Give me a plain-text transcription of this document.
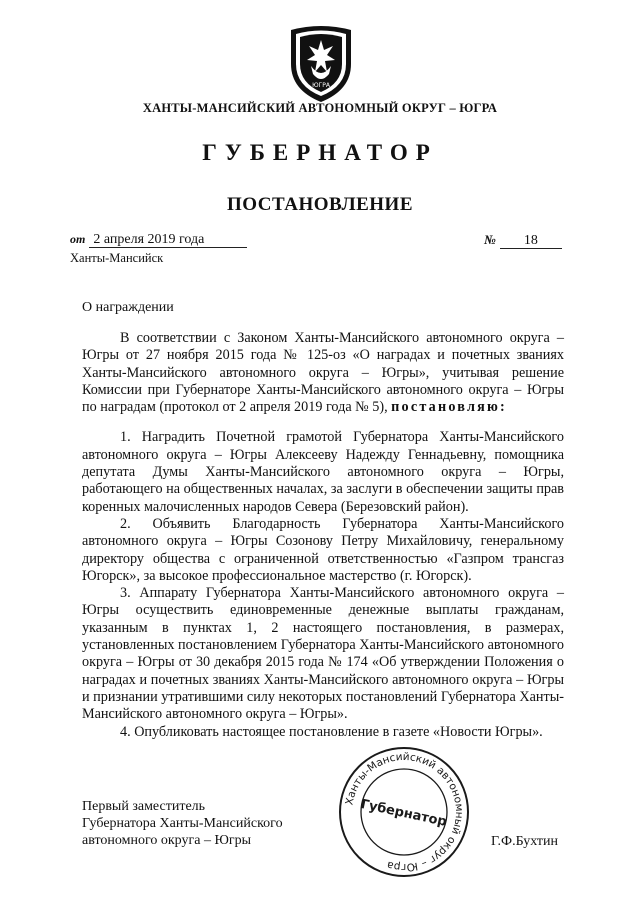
ЮГРА
ХАНТЫ-МАНСИЙСКИЙ АВТОНОМНЫЙ ОКРУГ – ЮГРА
ГУБЕРНАТОР
ПОСТАНОВЛЕНИЕ
от 2 апреля 2019 года	№ 18
Ханты-Мансийск
О награждении

В соответствии с Законом Ханты-Мансийского автономного округа – Югры от 27 ноября 2015 года № 125-оз «О наградах и почетных званиях Ханты-Мансийского автономного округа – Югры», учитывая решение Комиссии при Губернаторе Ханты-Мансийского автономного округа – Югры по наградам (протокол от 2 апреля 2019 года № 5), постановляю:

1. Наградить Почетной грамотой Губернатора Ханты-Мансийского автономного округа – Югры Алексееву Надежду Геннадьевну, помощника депутата Думы Ханты-Мансийского автономного округа – Югры, работающего на общественных началах, за заслуги в обеспечении защиты прав коренных малочисленных народов Севера (Березовский район).

2. Объявить Благодарность Губернатора Ханты-Мансийского автономного округа – Югры Созонову Петру Михайловичу, генеральному директору общества с ограниченной ответственностью «Газпром трансгаз Югорск», за высокое профессиональное мастерство (г. Югорск).

3. Аппарату Губернатора Ханты-Мансийского автономного округа – Югры осуществить единовременные денежные выплаты гражданам, указанным в пунктах 1, 2 настоящего постановления, в размерах, установленных постановлением Губернатора Ханты-Мансийского автономного округа – Югры от 30 декабря 2015 года № 174 «Об утверждении Положения о наградах и почетных званиях Ханты-Мансийского автономного округа – Югры и признании утратившими силу некоторых постановлений Губернатора Ханты-Мансийского автономного округа – Югры».

4. Опубликовать настоящее постановление в газете «Новости Югры».

Первый заместитель
Губернатора Ханты-Мансийского
автономного округа – Югры
Ханты-Мансийский автономный округ – Югра
Губернатор
Г.Ф.Бухтин
